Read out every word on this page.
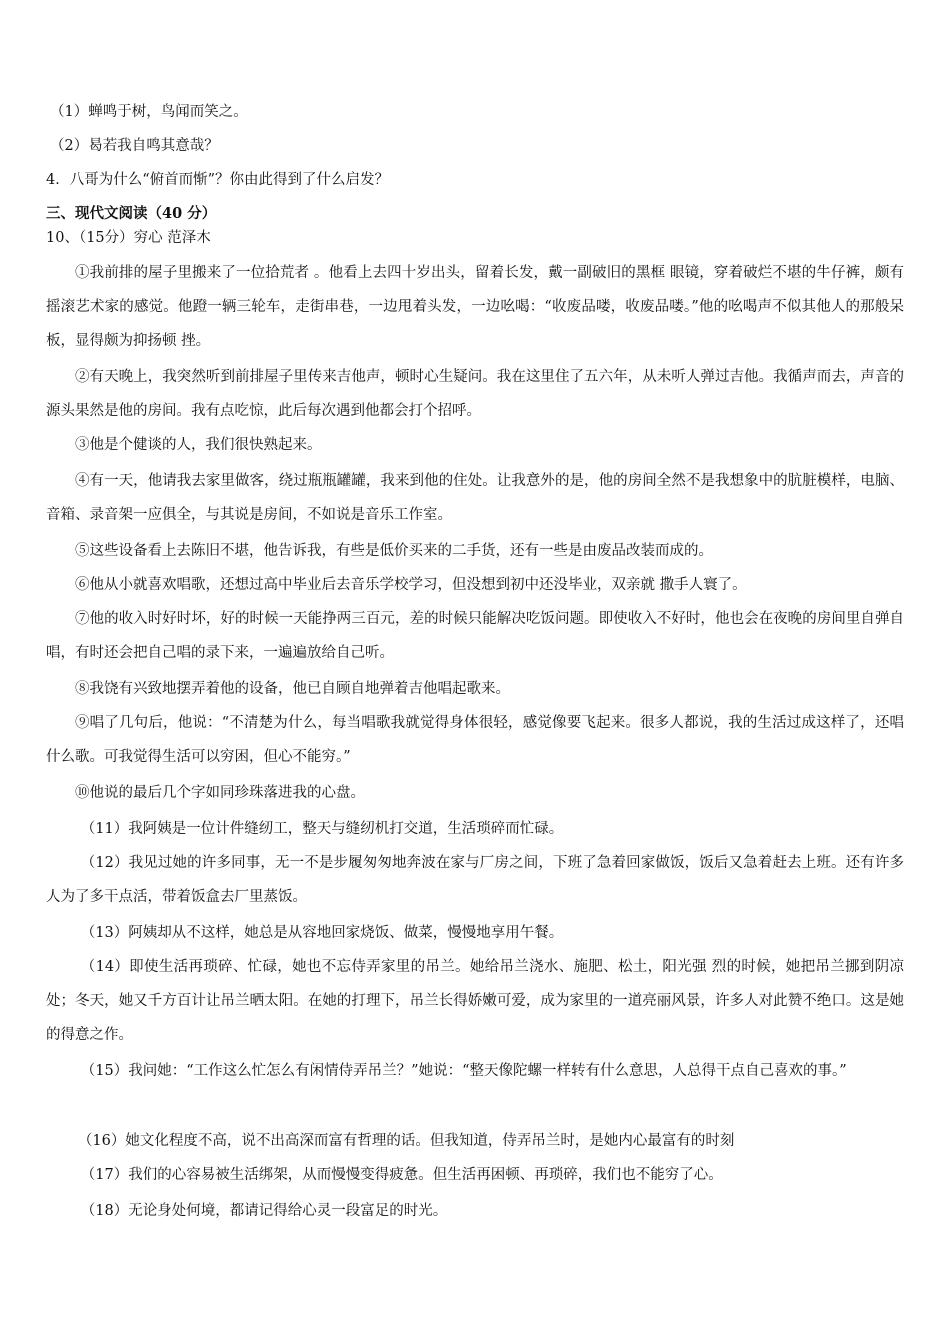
（1）蝉鸣于树，鸟闻而笑之。
（2）曷若我自鸣其意哉？
4．八哥为什么“俯首而惭”？你由此得到了什么启发？
三、现代文阅读（40 分）
10、（15分）穷心 范泽木
①我前排的屋子里搬来了一位拾荒者 。他看上去四十岁出头，留着长发，戴一副破旧的黑框 眼镜，穿着破烂不堪的牛仔裤，颇有摇滚艺术家的感觉。他蹬一辆三轮车，走街串巷，一边甩着头发，一边吆喝：“收废品喽，收废品喽。”他的吆喝声不似其他人的那般呆板，显得颇为抑扬顿 挫。
②有天晚上，我突然听到前排屋子里传来吉他声，顿时心生疑问。我在这里住了五六年，从未听人弹过吉他。我循声而去，声音的源头果然是他的房间。我有点吃惊，此后每次遇到他都会打个招呼。
③他是个健谈的人，我们很快熟起来。
④有一天，他请我去家里做客，绕过瓶瓶罐罐，我来到他的住处。让我意外的是，他的房间全然不是我想象中的肮脏模样，电脑、音箱、录音架一应俱全，与其说是房间，不如说是音乐工作室。
⑤这些设备看上去陈旧不堪，他告诉我，有些是低价买来的二手货，还有一些是由废品改装而成的。
⑥他从小就喜欢唱歌，还想过高中毕业后去音乐学校学习，但没想到初中还没毕业，双亲就 撒手人寰了。
⑦他的收入时好时坏，好的时候一天能挣两三百元，差的时候只能解决吃饭问题。即使收入不好时，他也会在夜晚的房间里自弹自唱，有时还会把自己唱的录下来，一遍遍放给自己听。
⑧我饶有兴致地摆弄着他的设备，他已自顾自地弹着吉他唱起歌来。
⑨唱了几句后，他说：“不清楚为什么，每当唱歌我就觉得身体很轻，感觉像要飞起来。很多人都说，我的生活过成这样了，还唱什么歌。可我觉得生活可以穷困，但心不能穷。”
⑩他说的最后几个字如同珍珠落进我的心盘。
（11）我阿姨是一位计件缝纫工，整天与缝纫机打交道，生活琐碎而忙碌。
（12）我见过她的许多同事，无一不是步履匆匆地奔波在家与厂房之间，下班了急着回家做饭，饭后又急着赶去上班。还有许多人为了多干点活，带着饭盒去厂里蒸饭。
（13）阿姨却从不这样，她总是从容地回家烧饭、做菜，慢慢地享用午餐。
（14）即使生活再琐碎、忙碌，她也不忘侍弄家里的吊兰。她给吊兰浇水、施肥、松土，阳光强 烈的时候，她把吊兰挪到阴凉处；冬天，她又千方百计让吊兰晒太阳。在她的打理下，吊兰长得娇嫩可爱，成为家里的一道亮丽风景，许多人对此赞不绝口。这是她的得意之作。
（15）我问她：“工作这么忙怎么有闲情侍弄吊兰？”她说：“整天像陀螺一样转有什么意思，人总得干点自己喜欢的事。”
（16）她文化程度不高，说不出高深而富有哲理的话。但我知道，侍弄吊兰时，是她内心最富有的时刻
（17）我们的心容易被生活绑架，从而慢慢变得疲惫。但生活再困顿、再琐碎，我们也不能穷了心。
（18）无论身处何境，都请记得给心灵一段富足的时光。
